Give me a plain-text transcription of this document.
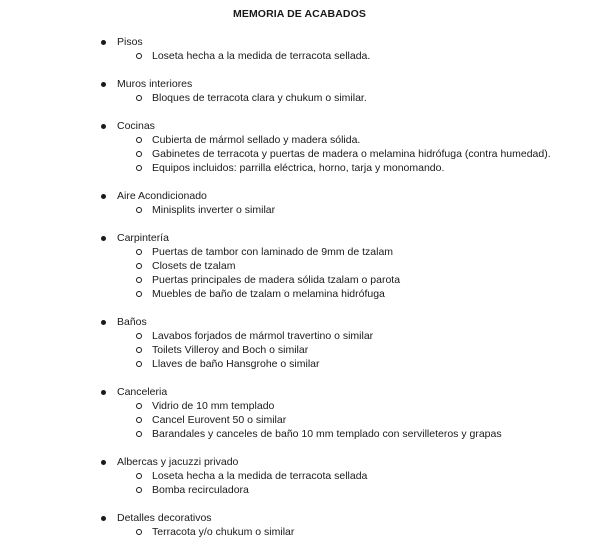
MEMORIA DE ACABADOS
Pisos
Loseta hecha a la medida de terracota sellada.
Muros interiores
Bloques de terracota clara y chukum o similar.
Cocinas
Cubierta de mármol sellado y madera sólida.
Gabinetes de terracota y puertas de madera o melamina hidrófuga (contra humedad).
Equipos incluidos: parrilla eléctrica, horno, tarja y monomando.
Aire Acondicionado
Minisplits inverter o similar
Carpintería
Puertas de tambor con laminado de 9mm de tzalam
Closets de tzalam
Puertas principales de madera sólida tzalam o parota
Muebles de baño de tzalam o melamina hidrófuga
Baños
Lavabos forjados de mármol travertino o similar
Toilets Villeroy and Boch o similar
Llaves de baño Hansgrohe o similar
Canceleria
Vidrio de 10 mm templado
Cancel Eurovent 50 o similar
Barandales y canceles de baño 10 mm templado con servilleteros y grapas
Albercas y jacuzzi privado
Loseta hecha a la medida de terracota sellada
Bomba recirculadora
Detalles decorativos
Terracota y/o chukum o similar
